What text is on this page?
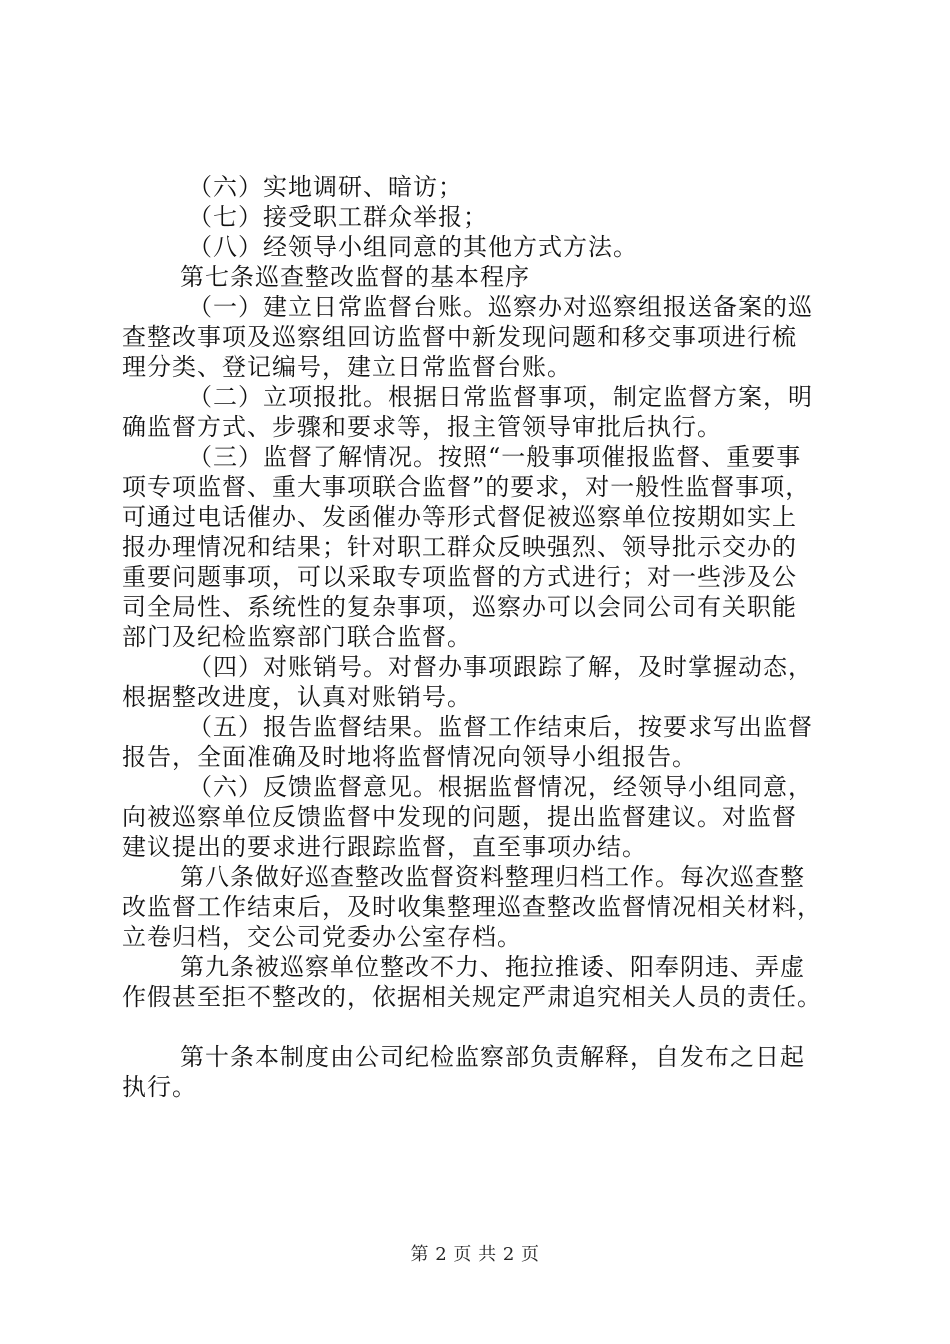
（六）实地调研、暗访；
（七）接受职工群众举报；
（八）经领导小组同意的其他方式方法。
第七条巡查整改监督的基本程序
（一）建立日常监督台账。巡察办对巡察组报送备案的巡
查整改事项及巡察组回访监督中新发现问题和移交事项进行梳
理分类、登记编号，建立日常监督台账。
（二）立项报批。根据日常监督事项，制定监督方案，明
确监督方式、步骤和要求等，报主管领导审批后执行。
（三）监督了解情况。按照“一般事项催报监督、重要事
项专项监督、重大事项联合监督”的要求，对一般性监督事项，
可通过电话催办、发函催办等形式督促被巡察单位按期如实上
报办理情况和结果；针对职工群众反映强烈、领导批示交办的
重要问题事项，可以采取专项监督的方式进行；对一些涉及公
司全局性、系统性的复杂事项，巡察办可以会同公司有关职能
部门及纪检监察部门联合监督。
（四）对账销号。对督办事项跟踪了解，及时掌握动态，
根据整改进度，认真对账销号。
（五）报告监督结果。监督工作结束后，按要求写出监督
报告，全面准确及时地将监督情况向领导小组报告。
（六）反馈监督意见。根据监督情况，经领导小组同意，
向被巡察单位反馈监督中发现的问题，提出监督建议。对监督
建议提出的要求进行跟踪监督，直至事项办结。
第八条做好巡查整改监督资料整理归档工作。每次巡查整
改监督工作结束后，及时收集整理巡查整改监督情况相关材料，
立卷归档，交公司党委办公室存档。
第九条被巡察单位整改不力、拖拉推诿、阳奉阴违、弄虚
作假甚至拒不整改的，依据相关规定严肃追究相关人员的责任。
第十条本制度由公司纪检监察部负责解释，自发布之日起
执行。
第 2 页 共 2 页
